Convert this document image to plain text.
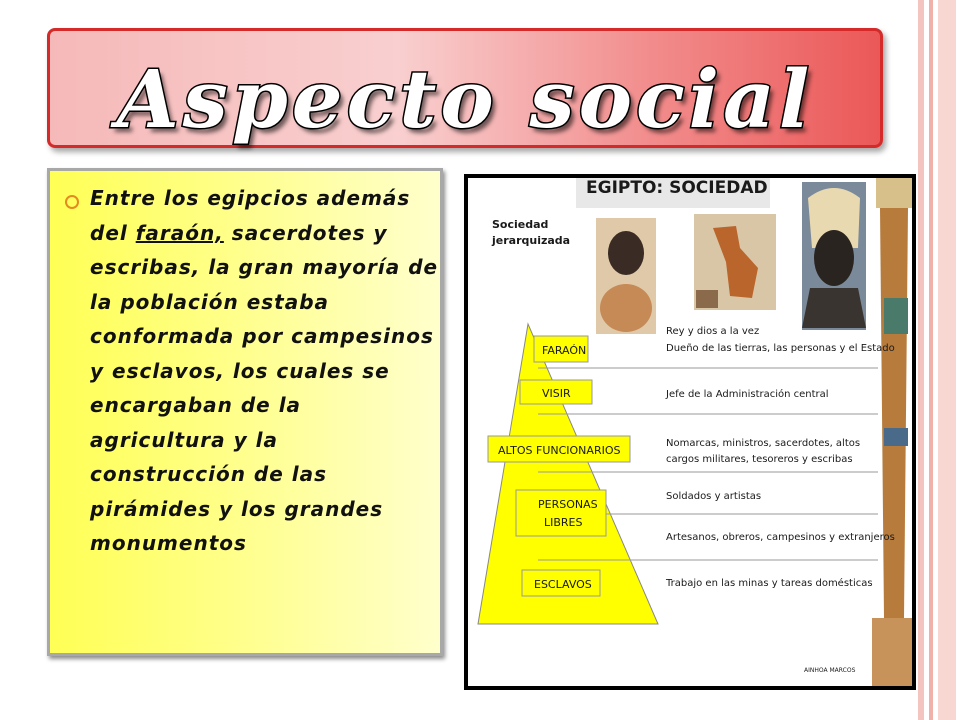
Aspecto social

Entre los egipcios además del faraón, sacerdotes y escribas, la gran mayoría de la población estaba conformada por campesinos y esclavos, los cuales se encargaban de la agricultura y la construcción de las pirámides y los grandes monumentos

EGIPTO: SOCIEDAD
Sociedad
jerarquizada
FARAÓN
VISIR
ALTOS FUNCIONARIOS
PERSONAS
LIBRES
ESCLAVOS
Rey y dios a la vez
Dueño de las tierras, las personas y el Estado
Jefe de la Administración central
Nomarcas, ministros, sacerdotes, altos
cargos militares, tesoreros y escribas
Soldados y artistas
Artesanos, obreros, campesinos y extranjeros
Trabajo en las minas y tareas domésticas
AINHOA MARCOS
